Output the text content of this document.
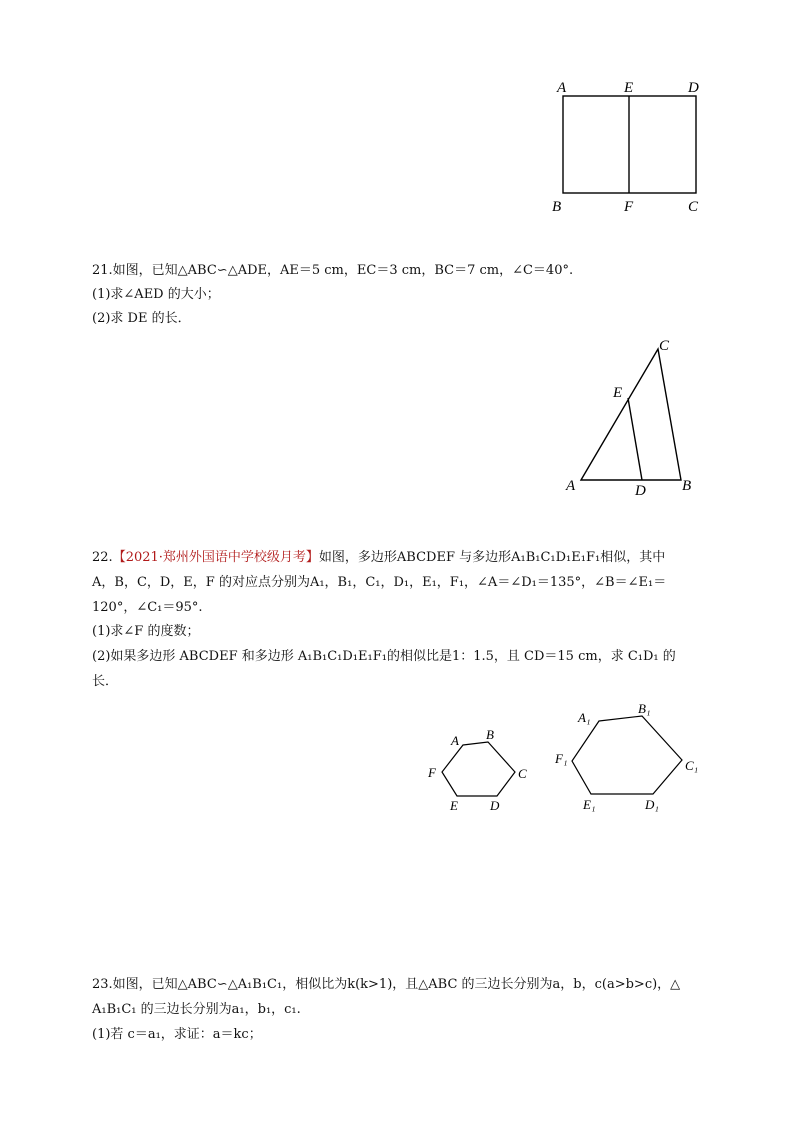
A	E	D
B	F	C
21.如图，已知△ABC∽△ADE，AE＝5 cm，EC＝3 cm，BC＝7 cm，∠C＝40°.
(1)求∠AED 的大小；
(2)求 DE 的长．
C
E
A	D B
22.【2021·郑州外国语中学校级月考】如图，多边形ABCDEF 与多边形A₁B₁C₁D₁E₁F₁相似，其中
A，B，C，D，E，F 的对应点分别为A₁，B₁，C₁，D₁，E₁，F₁，∠A＝∠D₁＝135°，∠B＝∠E₁＝
120°，∠C₁＝95°.
(1)求∠F 的度数；
(2)如果多边形 ABCDEF 和多边形 A₁B₁C₁D₁E₁F₁的相似比是1：1.5，且 CD＝15 cm，求 C₁D₁ 的
长．
A B
C
D
E
F
A₁
B₁
C₁
D₁
E₁
F₁
23.如图，已知△ABC∽△A₁B₁C₁，相似比为k(k>1)，且△ABC 的三边长分别为a，b，c(a>b>c)，△
A₁B₁C₁ 的三边长分别为a₁，b₁，c₁.
(1)若 c＝a₁，求证：a＝kc；
